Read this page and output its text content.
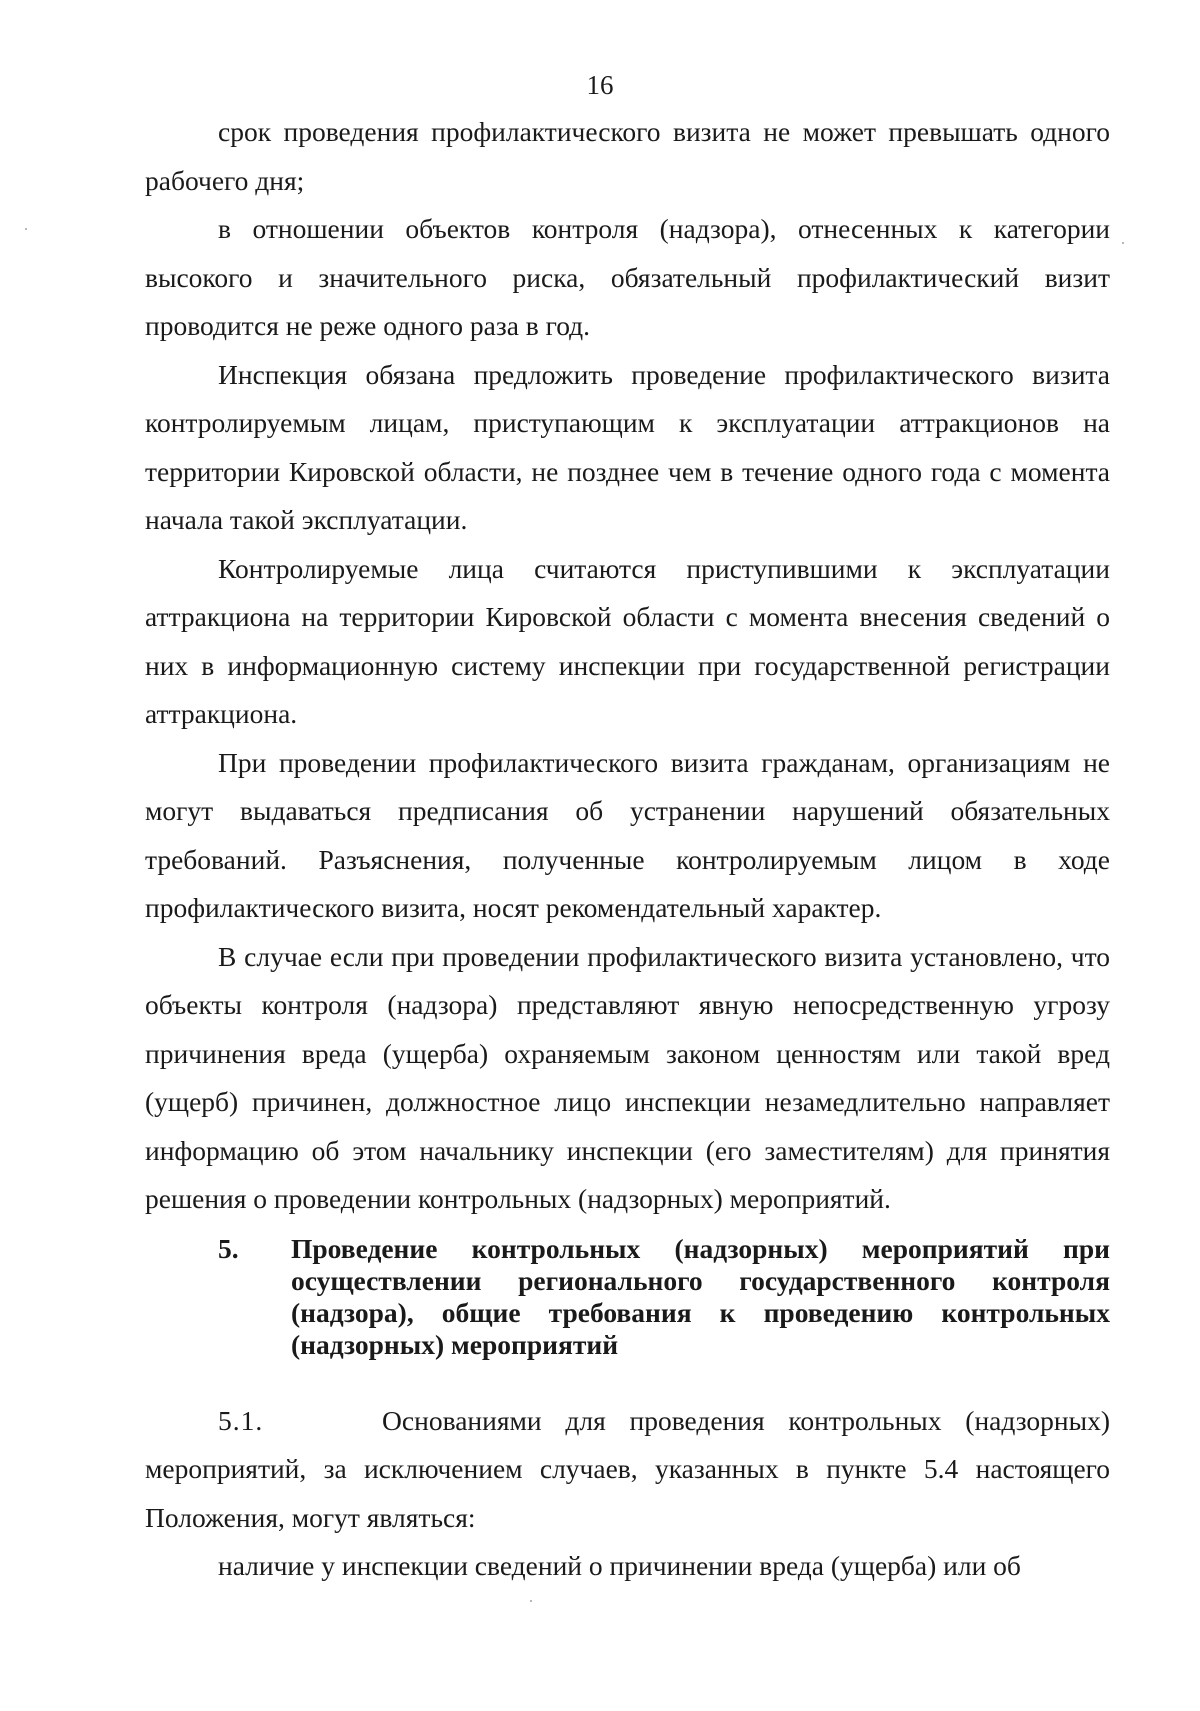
16

срок проведения профилактического визита не может превышать одного рабочего дня;

в отношении объектов контроля (надзора), отнесенных к категории высокого и значительного риска, обязательный профилактический визит проводится не реже одного раза в год.

Инспекция обязана предложить проведение профилактического визита контролируемым лицам, приступающим к эксплуатации аттракционов на территории Кировской области, не позднее чем в течение одного года с момента начала такой эксплуатации.

Контролируемые лица считаются приступившими к эксплуатации аттракциона на территории Кировской области с момента внесения сведений о них в информационную систему инспекции при государственной регистрации аттракциона.

При проведении профилактического визита гражданам, организациям не могут выдаваться предписания об устранении нарушений обязательных требований. Разъяснения, полученные контролируемым лицом в ходе профилактического визита, носят рекомендательный характер.

В случае если при проведении профилактического визита установлено, что объекты контроля (надзора) представляют явную непосредственную угрозу причинения вреда (ущерба) охраняемым законом ценностям или такой вред (ущерб) причинен, должностное лицо инспекции незамедлительно направляет информацию об этом начальнику инспекции (его заместителям) для принятия решения о проведении контрольных (надзорных) мероприятий.

5.	Проведение контрольных (надзорных) мероприятий при осуществлении регионального государственного контроля (надзора), общие требования к проведению контрольных (надзорных) мероприятий

5.1.	Основаниями для проведения контрольных (надзорных) мероприятий, за исключением случаев, указанных в пункте 5.4 настоящего Положения, могут являться:

наличие у инспекции сведений о причинении вреда (ущерба) или об
